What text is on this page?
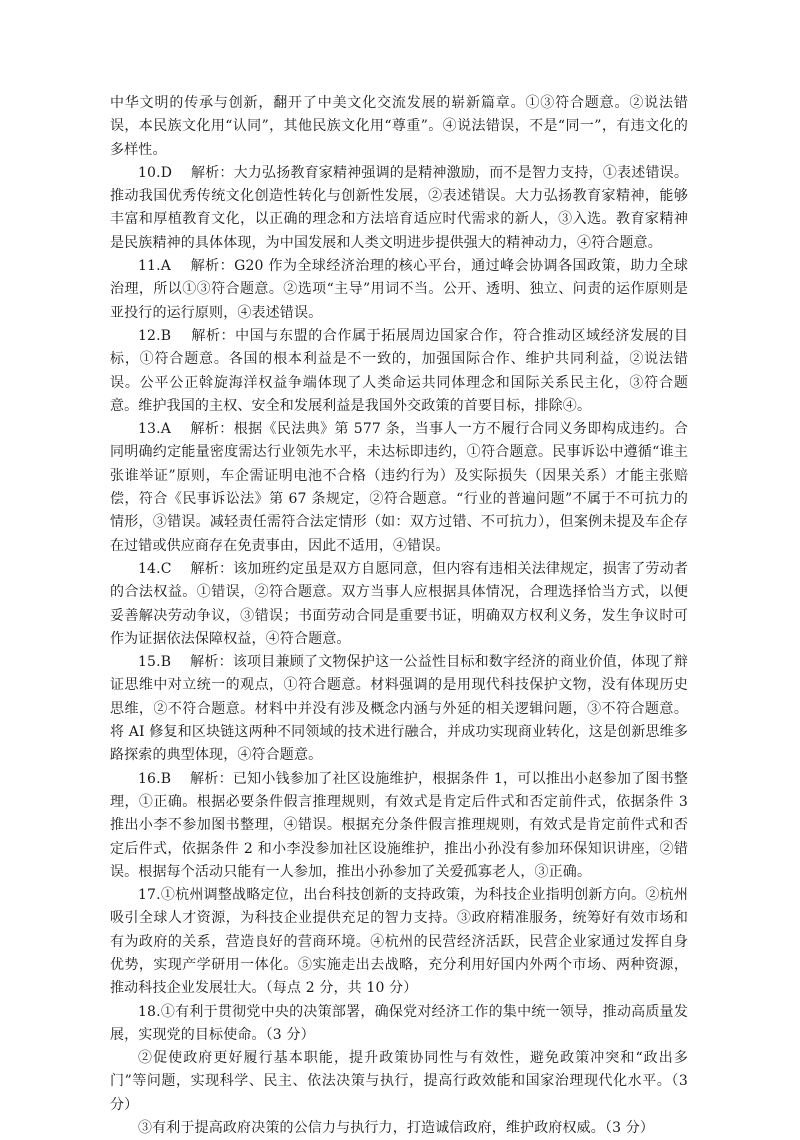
中华文明的传承与创新，翻开了中美文化交流发展的崭新篇章。①③符合题意。②说法错误，本民族文化用“认同”，其他民族文化用“尊重”。④说法错误，不是“同一”，有违文化的多样性。

10.D　 解析：大力弘扬教育家精神强调的是精神激励，而不是智力支持，①表述错误。推动我国优秀传统文化创造性转化与创新性发展，②表述错误。大力弘扬教育家精神，能够丰富和厚植教育文化，以正确的理念和方法培育适应时代需求的新人，③入选。教育家精神是民族精神的具体体现，为中国发展和人类文明进步提供强大的精神动力，④符合题意。

11.A　 解析：G20 作为全球经济治理的核心平台，通过峰会协调各国政策，助力全球治理，所以①③符合题意。②选项“主导”用词不当。公开、透明、独立、问责的运作原则是亚投行的运行原则，④表述错误。

12.B　 解析：中国与东盟的合作属于拓展周边国家合作，符合推动区域经济发展的目标，①符合题意。各国的根本利益是不一致的，加强国际合作、维护共同利益，②说法错误。公平公正斡旋海洋权益争端体现了人类命运共同体理念和国际关系民主化，③符合题意。维护我国的主权、安全和发展利益是我国外交政策的首要目标，排除④。

13.A　 解析：根据《民法典》第 577 条，当事人一方不履行合同义务即构成违约。合同明确约定能量密度需达行业领先水平，未达标即违约，①符合题意。民事诉讼中遵循“谁主张谁举证”原则，车企需证明电池不合格（违约行为）及实际损失（因果关系）才能主张赔偿，符合《民事诉讼法》第 67 条规定，②符合题意。“行业的普遍问题”不属于不可抗力的情形，③错误。减轻责任需符合法定情形（如：双方过错、不可抗力），但案例未提及车企存在过错或供应商存在免责事由，因此不适用，④错误。

14.C　 解析：该加班约定虽是双方自愿同意，但内容有违相关法律规定，损害了劳动者的合法权益。①错误，②符合题意。双方当事人应根据具体情况，合理选择恰当方式，以便妥善解决劳动争议，③错误；书面劳动合同是重要书证，明确双方权利义务，发生争议时可作为证据依法保障权益，④符合题意。

15.B　 解析：该项目兼顾了文物保护这一公益性目标和数字经济的商业价值，体现了辩证思维中对立统一的观点，①符合题意。材料强调的是用现代科技保护文物，没有体现历史思维，②不符合题意。材料中并没有涉及概念内涵与外延的相关逻辑问题，③不符合题意。将 AI 修复和区块链这两种不同领域的技术进行融合，并成功实现商业转化，这是创新思维多路探索的典型体现，④符合题意。

16.B　 解析：已知小钱参加了社区设施维护，根据条件 1，可以推出小赵参加了图书整理，①正确。根据必要条件假言推理规则，有效式是肯定后件式和否定前件式，依据条件 3 推出小李不参加图书整理，④错误。根据充分条件假言推理规则，有效式是肯定前件式和否定后件式，依据条件 2 和小李没参加社区设施维护，推出小孙没有参加环保知识讲座，②错误。根据每个活动只能有一人参加，推出小孙参加了关爱孤寡老人，③正确。

17.①杭州调整战略定位，出台科技创新的支持政策，为科技企业指明创新方向。②杭州吸引全球人才资源，为科技企业提供充足的智力支持。③政府精准服务，统筹好有效市场和有为政府的关系，营造良好的营商环境。④杭州的民营经济活跃，民营企业家通过发挥自身优势，实现产学研用一体化。⑤实施走出去战略，充分利用好国内外两个市场、两种资源，推动科技企业发展壮大。（每点 2 分，共 10 分）

18.①有利于贯彻党中央的决策部署，确保党对经济工作的集中统一领导，推动高质量发展，实现党的目标使命。（3 分）

②促使政府更好履行基本职能，提升政策协同性与有效性，避免政策冲突和“政出多门”等问题，实现科学、民主、依法决策与执行，提高行政效能和国家治理现代化水平。（3 分）

③有利于提高政府决策的公信力与执行力，打造诚信政府，维护政府权威。（3 分）
